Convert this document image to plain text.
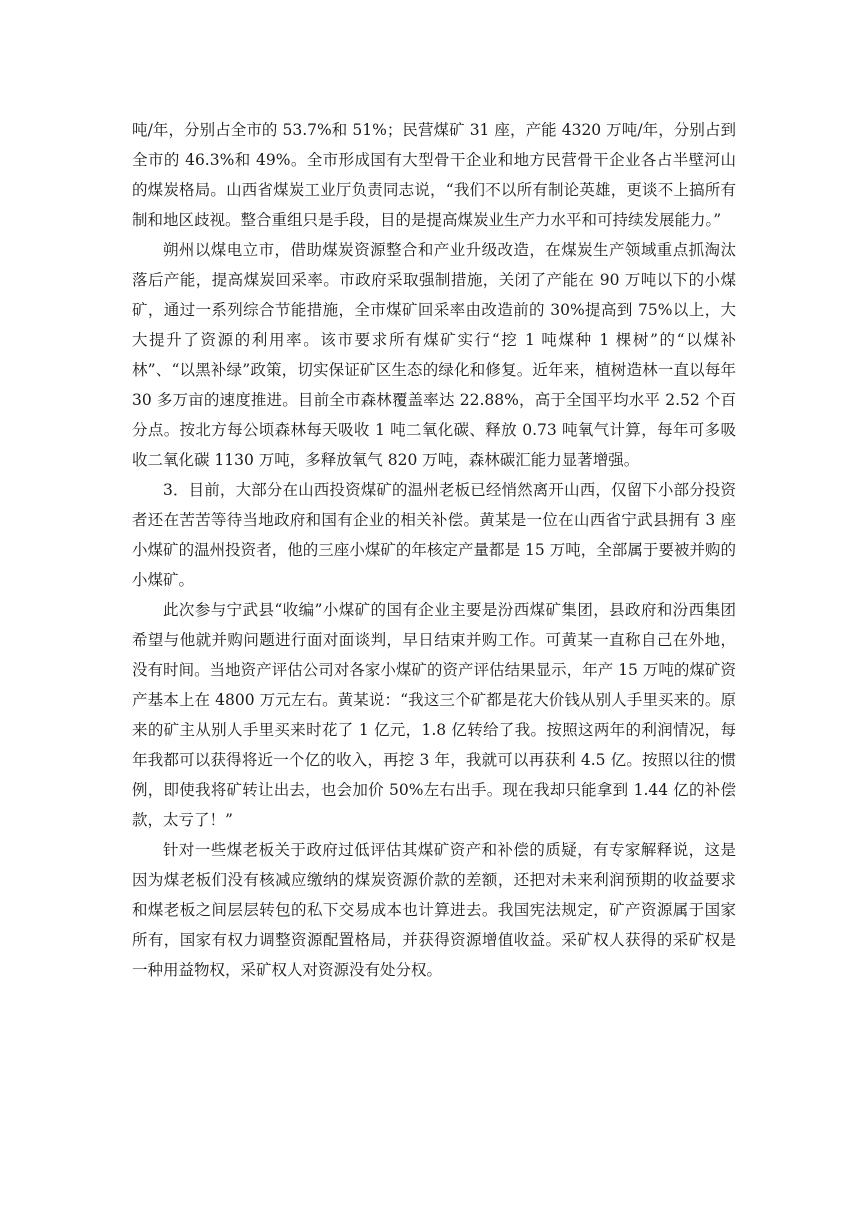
吨/年，分别占全市的 53.7%和 51%；民营煤矿 31 座，产能 4320 万吨/年，分别占到全市的 46.3%和 49%。全市形成国有大型骨干企业和地方民营骨干企业各占半壁河山的煤炭格局。山西省煤炭工业厅负责同志说，“我们不以所有制论英雄，更谈不上搞所有制和地区歧视。整合重组只是手段，目的是提高煤炭业生产力水平和可持续发展能力。”

朔州以煤电立市，借助煤炭资源整合和产业升级改造，在煤炭生产领域重点抓淘汰落后产能，提高煤炭回采率。市政府采取强制措施，关闭了产能在 90 万吨以下的小煤矿，通过一系列综合节能措施，全市煤矿回采率由改造前的 30%提高到 75%以上，大大提升了资源的利用率。该市要求所有煤矿实行“挖 1 吨煤种 1 棵树”的“以煤补林”、“以黑补绿”政策，切实保证矿区生态的绿化和修复。近年来，植树造林一直以每年 30 多万亩的速度推进。目前全市森林覆盖率达 22.88%，高于全国平均水平 2.52 个百分点。按北方每公顷森林每天吸收 1 吨二氧化碳、释放 0.73 吨氧气计算，每年可多吸收二氧化碳 1130 万吨，多释放氧气 820 万吨，森林碳汇能力显著增强。

3．目前，大部分在山西投资煤矿的温州老板已经悄然离开山西，仅留下小部分投资者还在苦苦等待当地政府和国有企业的相关补偿。黄某是一位在山西省宁武县拥有 3 座小煤矿的温州投资者，他的三座小煤矿的年核定产量都是 15 万吨，全部属于要被并购的小煤矿。

此次参与宁武县“收编”小煤矿的国有企业主要是汾西煤矿集团，县政府和汾西集团希望与他就并购问题进行面对面谈判，早日结束并购工作。可黄某一直称自己在外地，没有时间。当地资产评估公司对各家小煤矿的资产评估结果显示，年产 15 万吨的煤矿资产基本上在 4800 万元左右。黄某说：“我这三个矿都是花大价钱从别人手里买来的。原来的矿主从别人手里买来时花了 1 亿元，1.8 亿转给了我。按照这两年的利润情况，每年我都可以获得将近一个亿的收入，再挖 3 年，我就可以再获利 4.5 亿。按照以往的惯例，即使我将矿转让出去，也会加价 50%左右出手。现在我却只能拿到 1.44 亿的补偿款，太亏了！”

针对一些煤老板关于政府过低评估其煤矿资产和补偿的质疑，有专家解释说，这是因为煤老板们没有核减应缴纳的煤炭资源价款的差额，还把对未来利润预期的收益要求和煤老板之间层层转包的私下交易成本也计算进去。我国宪法规定，矿产资源属于国家所有，国家有权力调整资源配置格局，并获得资源增值收益。采矿权人获得的采矿权是一种用益物权，采矿权人对资源没有处分权。
